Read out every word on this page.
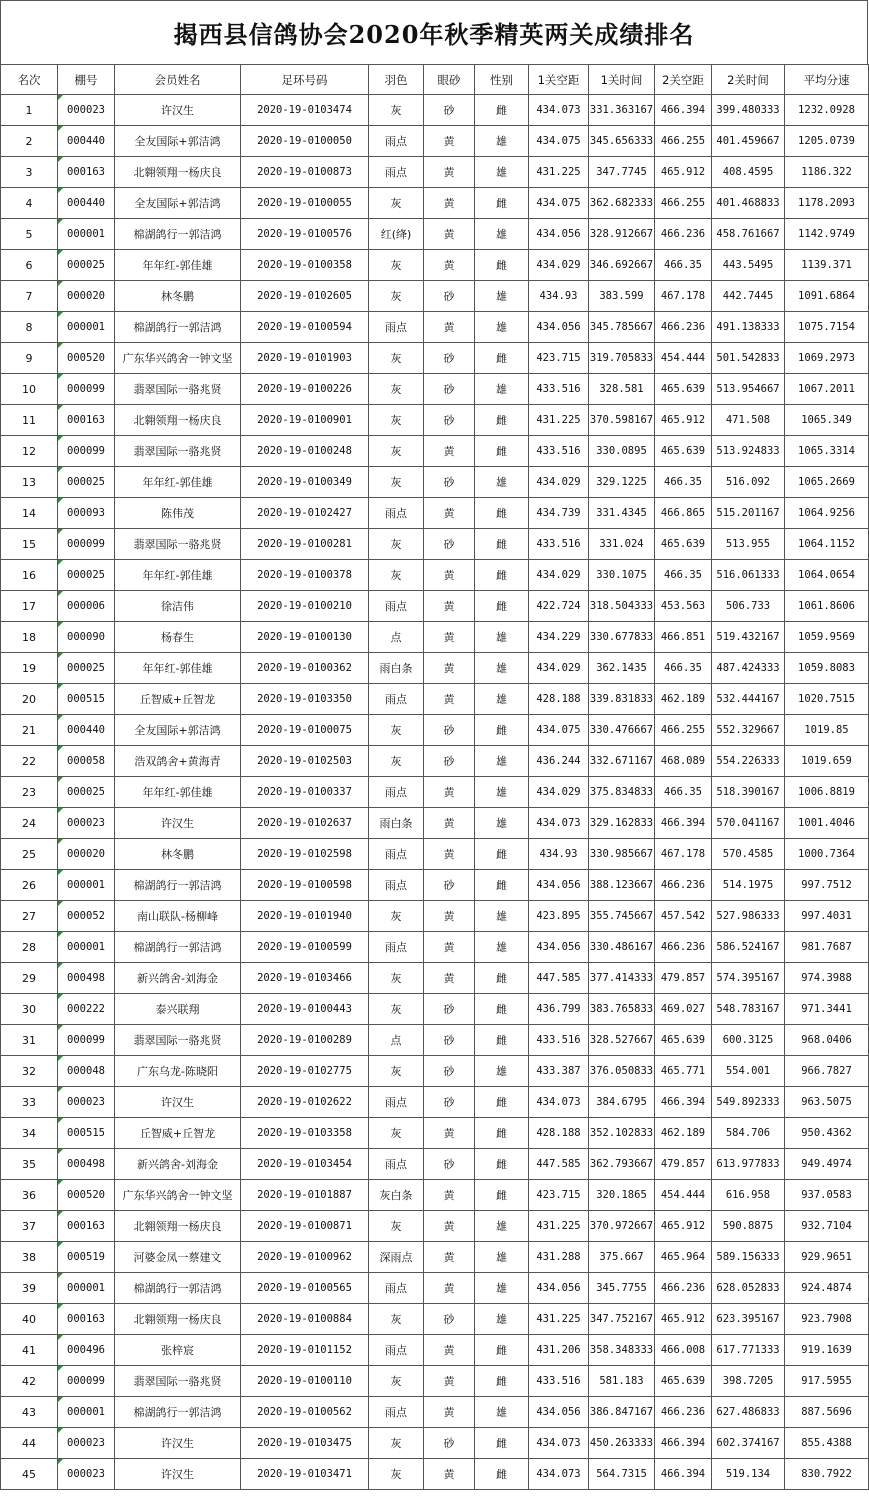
揭西县信鸽协会2020年秋季精英两关成绩排名
名次	棚号	会员姓名	足环号码	羽色	眼砂	性别	1关空距	1关时间	2关空距	2关时间	平均分速
1	000023	许汉生	2020-19-0103474	灰	砂	雌	434.073	331.363167	466.394	399.480333	1232.0928
2	000440	全友国际+郭洁鸿	2020-19-0100050	雨点	黄	雄	434.075	345.656333	466.255	401.459667	1205.0739
3	000163	北翱领翔一杨庆良	2020-19-0100873	雨点	黄	雄	431.225	347.7745	465.912	408.4595	1186.322
4	000440	全友国际+郭洁鸿	2020-19-0100055	灰	黄	雌	434.075	362.682333	466.255	401.468833	1178.2093
5	000001	棉湖鸽行一郭洁鸿	2020-19-0100576	红(绛)	黄	雄	434.056	328.912667	466.236	458.761667	1142.9749
6	000025	年年红-郭佳雄	2020-19-0100358	灰	黄	雌	434.029	346.692667	466.35	443.5495	1139.371
7	000020	林冬鹏	2020-19-0102605	灰	砂	雄	434.93	383.599	467.178	442.7445	1091.6864
8	000001	棉湖鸽行一郭洁鸿	2020-19-0100594	雨点	黄	雄	434.056	345.785667	466.236	491.138333	1075.7154
9	000520	广东华兴鸽舍一钟文坚	2020-19-0101903	灰	砂	雌	423.715	319.705833	454.444	501.542833	1069.2973
10	000099	翡翠国际一骆兆贤	2020-19-0100226	灰	砂	雄	433.516	328.581	465.639	513.954667	1067.2011
11	000163	北翱领翔一杨庆良	2020-19-0100901	灰	砂	雌	431.225	370.598167	465.912	471.508	1065.349
12	000099	翡翠国际一骆兆贤	2020-19-0100248	灰	黄	雌	433.516	330.0895	465.639	513.924833	1065.3314
13	000025	年年红-郭佳雄	2020-19-0100349	灰	砂	雄	434.029	329.1225	466.35	516.092	1065.2669
14	000093	陈伟茂	2020-19-0102427	雨点	黄	雌	434.739	331.4345	466.865	515.201167	1064.9256
15	000099	翡翠国际一骆兆贤	2020-19-0100281	灰	砂	雌	433.516	331.024	465.639	513.955	1064.1152
16	000025	年年红-郭佳雄	2020-19-0100378	灰	黄	雌	434.029	330.1075	466.35	516.061333	1064.0654
17	000006	徐洁伟	2020-19-0100210	雨点	黄	雌	422.724	318.504333	453.563	506.733	1061.8606
18	000090	杨春生	2020-19-0100130	点	黄	雄	434.229	330.677833	466.851	519.432167	1059.9569
19	000025	年年红-郭佳雄	2020-19-0100362	雨白条	黄	雄	434.029	362.1435	466.35	487.424333	1059.8083
20	000515	丘智威+丘智龙	2020-19-0103350	雨点	黄	雄	428.188	339.831833	462.189	532.444167	1020.7515
21	000440	全友国际+郭洁鸿	2020-19-0100075	灰	砂	雌	434.075	330.476667	466.255	552.329667	1019.85
22	000058	浩双鸽舍+黄海青	2020-19-0102503	灰	砂	雄	436.244	332.671167	468.089	554.226333	1019.659
23	000025	年年红-郭佳雄	2020-19-0100337	雨点	黄	雄	434.029	375.834833	466.35	518.390167	1006.8819
24	000023	许汉生	2020-19-0102637	雨白条	黄	雄	434.073	329.162833	466.394	570.041167	1001.4046
25	000020	林冬鹏	2020-19-0102598	雨点	黄	雌	434.93	330.985667	467.178	570.4585	1000.7364
26	000001	棉湖鸽行一郭洁鸿	2020-19-0100598	雨点	砂	雌	434.056	388.123667	466.236	514.1975	997.7512
27	000052	南山联队-杨柳峰	2020-19-0101940	灰	黄	雄	423.895	355.745667	457.542	527.986333	997.4031
28	000001	棉湖鸽行一郭洁鸿	2020-19-0100599	雨点	黄	雄	434.056	330.486167	466.236	586.524167	981.7687
29	000498	新兴鸽舍-刘海金	2020-19-0103466	灰	黄	雌	447.585	377.414333	479.857	574.395167	974.3988
30	000222	泰兴联翔	2020-19-0100443	灰	砂	雌	436.799	383.765833	469.027	548.783167	971.3441
31	000099	翡翠国际一骆兆贤	2020-19-0100289	点	砂	雌	433.516	328.527667	465.639	600.3125	968.0406
32	000048	广东乌龙-陈晓阳	2020-19-0102775	灰	砂	雄	433.387	376.050833	465.771	554.001	966.7827
33	000023	许汉生	2020-19-0102622	雨点	砂	雌	434.073	384.6795	466.394	549.892333	963.5075
34	000515	丘智威+丘智龙	2020-19-0103358	灰	黄	雌	428.188	352.102833	462.189	584.706	950.4362
35	000498	新兴鸽舍-刘海金	2020-19-0103454	雨点	砂	雌	447.585	362.793667	479.857	613.977833	949.4974
36	000520	广东华兴鸽舍一钟文坚	2020-19-0101887	灰白条	黄	雌	423.715	320.1865	454.444	616.958	937.0583
37	000163	北翱领翔一杨庆良	2020-19-0100871	灰	黄	雄	431.225	370.972667	465.912	590.8875	932.7104
38	000519	河婆金凤一蔡建文	2020-19-0100962	深雨点	黄	雄	431.288	375.667	465.964	589.156333	929.9651
39	000001	棉湖鸽行一郭洁鸿	2020-19-0100565	雨点	黄	雄	434.056	345.7755	466.236	628.052833	924.4874
40	000163	北翱领翔一杨庆良	2020-19-0100884	灰	砂	雄	431.225	347.752167	465.912	623.395167	923.7908
41	000496	张梓宸	2020-19-0101152	雨点	黄	雌	431.206	358.348333	466.008	617.771333	919.1639
42	000099	翡翠国际一骆兆贤	2020-19-0100110	灰	黄	雌	433.516	581.183	465.639	398.7205	917.5955
43	000001	棉湖鸽行一郭洁鸿	2020-19-0100562	雨点	黄	雄	434.056	386.847167	466.236	627.486833	887.5696
44	000023	许汉生	2020-19-0103475	灰	砂	雌	434.073	450.263333	466.394	602.374167	855.4388
45	000023	许汉生	2020-19-0103471	灰	黄	雌	434.073	564.7315	466.394	519.134	830.7922
